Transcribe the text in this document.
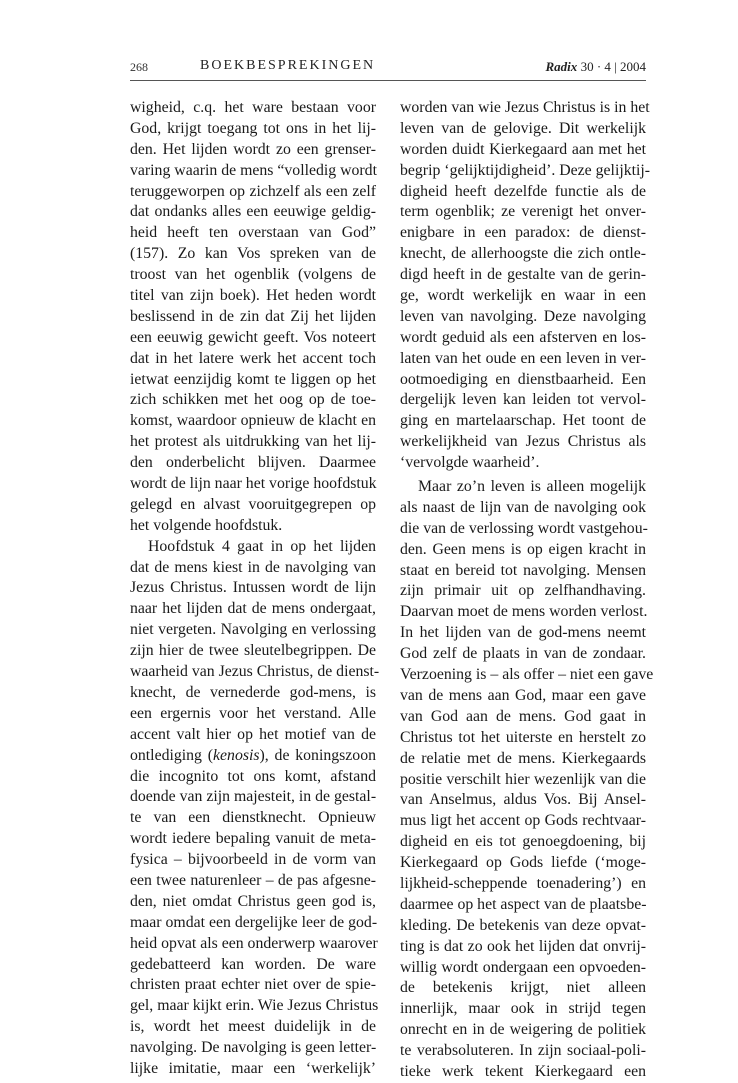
268	BOEKBESPREKINGEN	Radix 30 · 4 | 2004
wigheid, c.q. het ware bestaan voor
God, krijgt toegang tot ons in het lij-
den. Het lijden wordt zo een grenser-
varing waarin de mens “volledig wordt
teruggeworpen op zichzelf als een zelf
dat ondanks alles een eeuwige geldig-
heid heeft ten overstaan van God”
(157). Zo kan Vos spreken van de
troost van het ogenblik (volgens de
titel van zijn boek). Het heden wordt
beslissend in de zin dat Zij het lijden
een eeuwig gewicht geeft. Vos noteert
dat in het latere werk het accent toch
ietwat eenzijdig komt te liggen op het
zich schikken met het oog op de toe-
komst, waardoor opnieuw de klacht en
het protest als uitdrukking van het lij-
den onderbelicht blijven. Daarmee
wordt de lijn naar het vorige hoofdstuk
gelegd en alvast vooruitgegrepen op
het volgende hoofdstuk.
Hoofdstuk 4 gaat in op het lijden
dat de mens kiest in de navolging van
Jezus Christus. Intussen wordt de lijn
naar het lijden dat de mens ondergaat,
niet vergeten. Navolging en verlossing
zijn hier de twee sleutelbegrippen. De
waarheid van Jezus Christus, de dienst-
knecht, de vernederde god-mens, is
een ergernis voor het verstand. Alle
accent valt hier op het motief van de
ontlediging (kenosis), de koningszoon
die incognito tot ons komt, afstand
doende van zijn majesteit, in de gestal-
te van een dienstknecht. Opnieuw
wordt iedere bepaling vanuit de meta-
fysica – bijvoorbeeld in de vorm van
een twee naturenleer – de pas afgesne-
den, niet omdat Christus geen god is,
maar omdat een dergelijke leer de god-
heid opvat als een onderwerp waarover
gedebatteerd kan worden. De ware
christen praat echter niet over de spie-
gel, maar kijkt erin. Wie Jezus Christus
is, wordt het meest duidelijk in de
navolging. De navolging is geen letter-
lijke imitatie, maar een ‘werkelijk’
worden van wie Jezus Christus is in het
leven van de gelovige. Dit werkelijk
worden duidt Kierkegaard aan met het
begrip ‘gelijktijdigheid’. Deze gelijktij-
digheid heeft dezelfde functie als de
term ogenblik; ze verenigt het onver-
enigbare in een paradox: de dienst-
knecht, de allerhoogste die zich ontle-
digd heeft in de gestalte van de gerin-
ge, wordt werkelijk en waar in een
leven van navolging. Deze navolging
wordt geduid als een afsterven en los-
laten van het oude en een leven in ver-
ootmoediging en dienstbaarheid. Een
dergelijk leven kan leiden tot vervol-
ging en martelaarschap. Het toont de
werkelijkheid van Jezus Christus als
‘vervolgde waarheid’.
Maar zo’n leven is alleen mogelijk
als naast de lijn van de navolging ook
die van de verlossing wordt vastgehou-
den. Geen mens is op eigen kracht in
staat en bereid tot navolging. Mensen
zijn primair uit op zelfhandhaving.
Daarvan moet de mens worden verlost.
In het lijden van de god-mens neemt
God zelf de plaats in van de zondaar.
Verzoening is – als offer – niet een gave
van de mens aan God, maar een gave
van God aan de mens. God gaat in
Christus tot het uiterste en herstelt zo
de relatie met de mens. Kierkegaards
positie verschilt hier wezenlijk van die
van Anselmus, aldus Vos. Bij Ansel-
mus ligt het accent op Gods rechtvaar-
digheid en eis tot genoegdoening, bij
Kierkegaard op Gods liefde (‘moge-
lijkheid-scheppende toenadering’) en
daarmee op het aspect van de plaatsbe-
kleding. De betekenis van deze opvat-
ting is dat zo ook het lijden dat onvrij-
willig wordt ondergaan een opvoeden-
de betekenis krijgt, niet alleen
innerlijk, maar ook in strijd tegen
onrecht en in de weigering de politiek
te verabsoluteren. In zijn sociaal-poli-
tieke werk tekent Kierkegaard een
